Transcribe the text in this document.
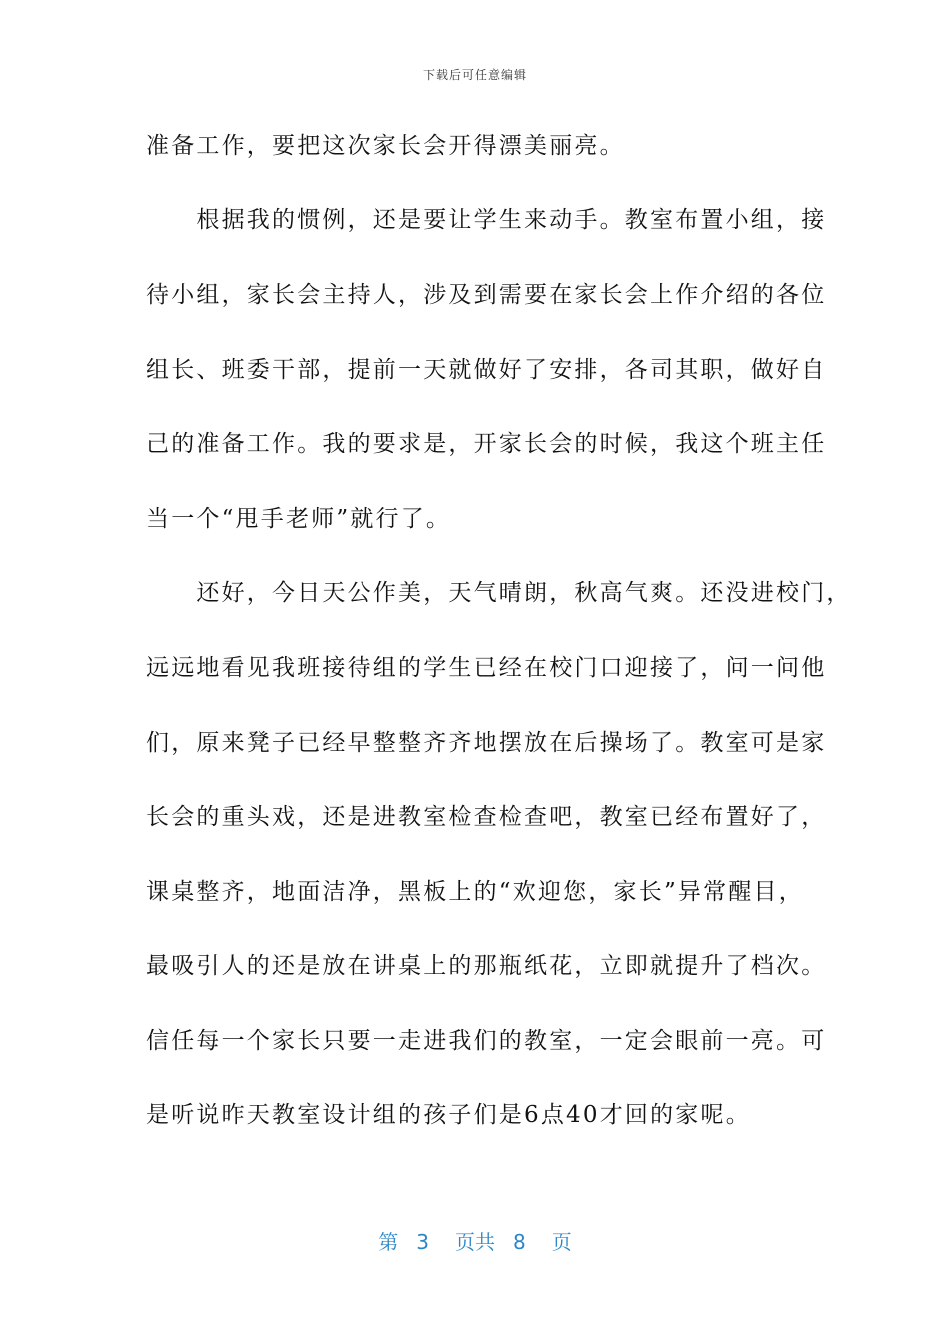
下载后可任意编辑
准备工作，要把这次家长会开得漂美丽亮。
　　根据我的惯例，还是要让学生来动手。教室布置小组，接
待小组，家长会主持人，涉及到需要在家长会上作介绍的各位
组长、班委干部，提前一天就做好了安排，各司其职，做好自
己的准备工作。我的要求是，开家长会的时候，我这个班主任
当一个“甩手老师”就行了。
　　还好，今日天公作美，天气晴朗，秋高气爽。还没进校门，
远远地看见我班接待组的学生已经在校门口迎接了，问一问他
们，原来凳子已经早整整齐齐地摆放在后操场了。教室可是家
长会的重头戏，还是进教室检查检查吧，教室已经布置好了，
课桌整齐，地面洁净，黑板上的“欢迎您，家长”异常醒目，
最吸引人的还是放在讲桌上的那瓶纸花，立即就提升了档次。
信任每一个家长只要一走进我们的教室，一定会眼前一亮。可
是听说昨天教室设计组的孩子们是6点40才回的家呢。
第 3 页共 8 页
